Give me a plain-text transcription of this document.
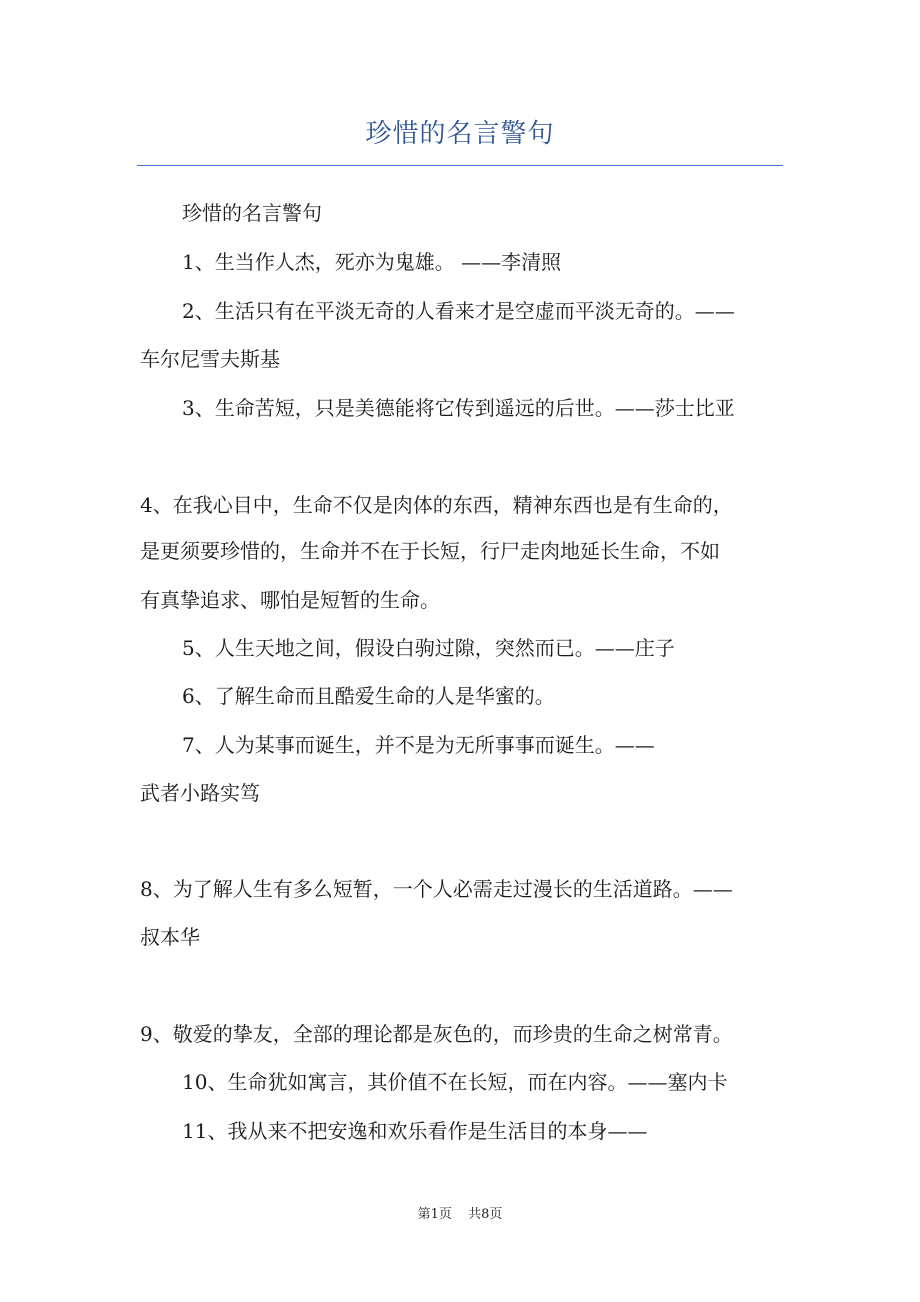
珍惜的名言警句
珍惜的名言警句
1、生当作人杰，死亦为鬼雄。 ——李清照
2、生活只有在平淡无奇的人看来才是空虚而平淡无奇的。——
车尔尼雪夫斯基
3、生命苦短，只是美德能将它传到遥远的后世。——莎士比亚
4、在我心目中，生命不仅是肉体的东西，精神东西也是有生命的，
是更须要珍惜的，生命并不在于长短，行尸走肉地延长生命，不如
有真挚追求、哪怕是短暂的生命。
5、人生天地之间，假设白驹过隙，突然而已。——庄子
6、了解生命而且酷爱生命的人是华蜜的。
7、人为某事而诞生，并不是为无所事事而诞生。——
武者小路实笃
8、为了解人生有多么短暂，一个人必需走过漫长的生活道路。——
叔本华
9、敬爱的挚友，全部的理论都是灰色的，而珍贵的生命之树常青。
10、生命犹如寓言，其价值不在长短，而在内容。——塞内卡
11、我从来不把安逸和欢乐看作是生活目的本身——
第1页 共8页
